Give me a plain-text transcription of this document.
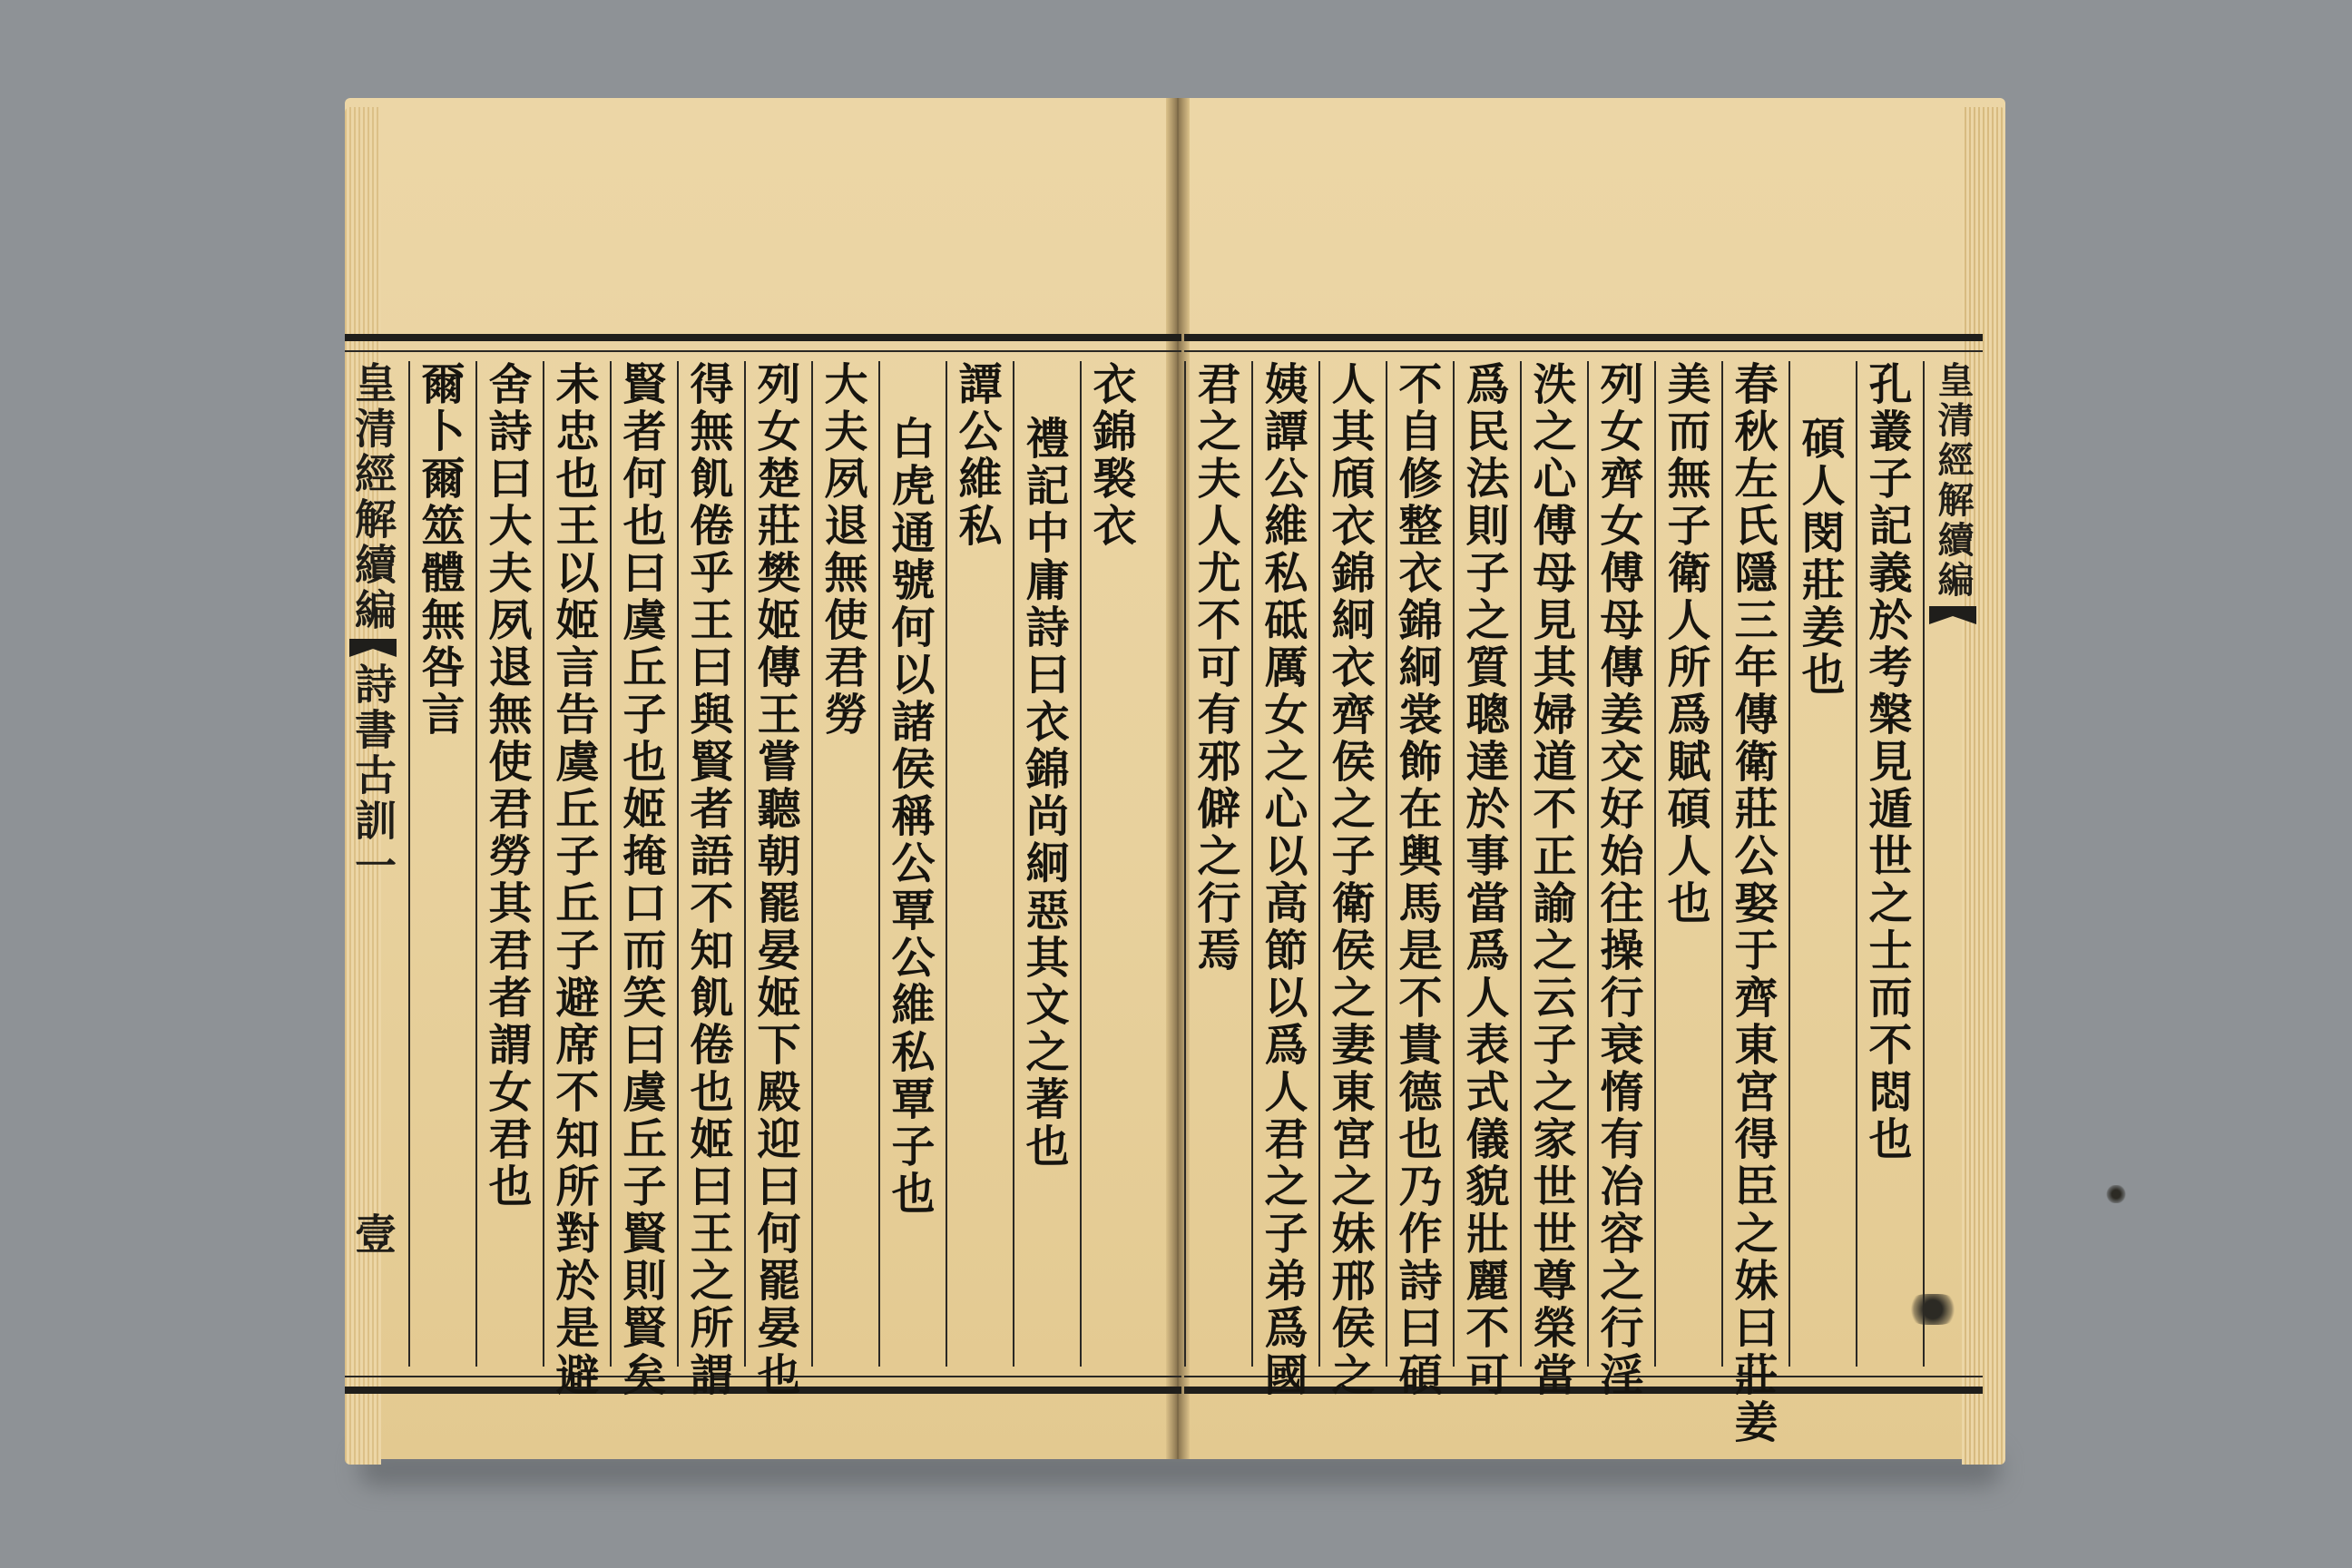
皇清經解續編
詩書古訓一
壹
爾卜爾筮體無咎言 舍詩曰大夫夙退無使君勞其君者謂女君也 未忠也王以姬言告虞丘子丘子避席不知所對於是避 賢者何也曰虞丘子也姬掩口而笑曰虞丘子賢則賢矣 得無飢倦乎王曰與賢者語不知飢倦也姬曰王之所謂 列女楚莊樊姬傳王嘗聽朝罷晏姬下殿迎曰何罷晏也 大夫夙退無使君勞 白虎通號何以諸侯稱公覃公維私覃子也 譚公維私 禮記中庸詩曰衣錦尚絅惡其文之著也 衣錦褧衣 君之夫人尤不可有邪僻之行焉 姨譚公維私砥厲女之心以高節以爲人君之子弟爲國 人其頎衣錦絅衣齊侯之子衛侯之妻東宮之妹邢侯之 不自修整衣錦絅裳飾在輿馬是不貴德也乃作詩曰碩 爲民法則子之質聰達於事當爲人表式儀貌壯麗不可 泆之心傅母見其婦道不正諭之云子之家世世尊榮當 列女齊女傅母傳姜交好始往操行衰惰有冶容之行淫 美而無子衛人所爲賦碩人也 春秋左氏隱三年傳衛莊公娶于齊東宮得臣之妹曰莊姜 碩人閔莊姜也 孔叢子記義於考槃見遁世之士而不悶也 皇清經解續編
